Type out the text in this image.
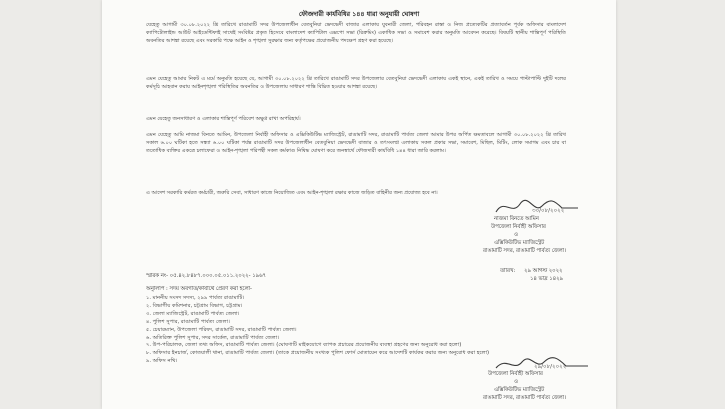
ফৌজদারী কার্যবিধির ১৪৪ ধারা অনুযায়ী ঘোষণা
যেহেতু আগামী ৩০.০৮.২০২২ খ্রি তারিখে রাঙামাটি সদর উপজেলাধীন বেতবুনিয়া ভেদভেদী বাজার এলাকায় যুবনারী জেলা, পরিবহন রাস্তা ও নিজ প্রত্যেকটির প্রত্যাবর্তন পূর্বক অফিসার বাংলাদেশ ক্যাপিটোলাইন্ড আউট আইডেন্টিফাই সাথেই সংবিষ্টর প্রকৃত হিসেবে বাংলাদেশ ক্যাপিটাল এক্সপো সভা (রিক্রমিং) একাধিক সভা ও সমাবেশ করার অনুমতি আবেদন করেছে। বিষয়টি স্থানীয় শান্তিপূর্ণ পরিস্থিতি অবনতির আশঙ্কা রয়েছে এবং সরকারি পক্ষে আইন ও শৃঙ্খলা সুরক্ষার জন্য কর্তৃপক্ষের প্রয়োজনীয় পদক্ষেপ গ্রহণ করা হয়েছে।
এমন যেহেতু আমার নিকট এ মর্মে অনুমতি হয়েছে যে, আগামী ৩০.০৮.২০২২ খ্রি তারিখে রাঙামাটি সদর উপজেলার বেতবুনিয়া ভেদভেদী এলাকায় একই স্থানে, একই তারিখ ও সময়ে পাল্টাপাল্টি দুইটি দলের কর্মসূচি আহবান করায় আইনশৃঙ্খলা পরিস্থিতির অবনতির ও উপজেলায় সাধারণ শান্তি বিঘ্নিত হওয়ার আশঙ্কা রয়েছে।
এমন যেহেতু জনসাধারণ ও এলাকার শান্তিপূর্ণ পরিবেশ অক্ষুণ্ণ রাখা অপরিহার্য।
এমন যেহেতু আমি নাজমা বিনতে আমিন, উপজেলা নির্বাহী অফিসার ও এক্সিকিউটিভ ম্যাজিস্ট্রেট, রাঙামাটি সদর, রাঙামাটি পার্বত্য জেলা আমার উপর অর্পিত ক্ষমতাবলে আগামী ৩০.০৮.২০২২ খ্রি তারিখ সকাল ৬.০০ ঘটিকা হতে সন্ধ্যা ৬.০০ ঘটিকা পর্যন্ত রাঙামাটি সদর উপজেলাধীন বেতবুনিয়া ভেদভেদী বাজার ও তৎসংলগ্ন এলাকায় সকল প্রকার সভা, সমাবেশ, মিছিল, মিটিং, লোক সমাগম এবং চার বা ততোধিক ব্যক্তির একত্রে চলাফেরা ও আইন-শৃঙ্খলা পরিপন্থী সকল কর্মকাণ্ড নিষিদ্ধ ঘোষণা করে জনস্বার্থে ফৌজদারী কার্যবিধি ১৪৪ ধারা জারি করলাম।
এ আদেশ সরকারি কর্মরত কর্মচারী, জরুরি সেবা, সাধারণ কাজে নিয়োজিত এবং আইন-শৃঙ্খলা রক্ষার কাজে জড়িত বাহিনীর জন্য প্রযোজ্য হবে না।
৩০/০৮/২০২২
নাজমা বিনতে আমিন
উপজেলা নির্বাহী অফিসার
ও
এক্সিকিউটিভ ম্যাজিস্ট্রেট
রাঙামাটি সদর, রাঙামাটি পার্বত্য জেলা।
স্মারক নং- ০৫.৪২.৮৪৮৭.০০০.০৫.০১১.২০২২- ১৯৬৭
তারিখ: ২৯ আগস্ট ২০২২
১৪ ভাদ্র ১৪২৯
অনুলিপি : সদয় অবগতি/কার্যার্থে প্রেরণ করা হলো-
১. মাননীয় সংসদ সদস্য, ২৯৯ পার্বত্য রাঙামাটি।
২. বিভাগীয় কমিশনার, চট্টগ্রাম বিভাগ, চট্টগ্রাম।
৩. জেলা ম্যাজিস্ট্রেট, রাঙামাটি পার্বত্য জেলা।
৪. পুলিশ সুপার, রাঙামাটি পার্বত্য জেলা।
৫. চেয়ারম্যান, উপজেলা পরিষদ, রাঙামাটি সদর, রাঙামাটি পার্বত্য জেলা।
৬. অতিরিক্ত পুলিশ সুপার, সদর সার্কেল, রাঙামাটি পার্বত্য জেলা।
৭. উপ-পরিচালক, জেলা তথ্য অফিস, রাঙামাটি পার্বত্য জেলা। (ঘোষণাটি মাইকযোগে ব্যাপক প্রচারের প্রয়োজনীয় ব্যবস্থা গ্রহণের জন্য অনুরোধ করা হলো)
৮. অফিসার ইনচার্জ, কোতয়ালী থানা, রাঙামাটি পার্বত্য জেলা। (তাকে প্রয়োজনীয় সংখ্যক পুলিশ ফোর্স মোতায়েন করে আদেশটি কার্যকর করার জন্য অনুরোধ করা হলো)
৯. অফিস নথি।
২৯/০৮/২০২২
উপজেলা নির্বাহী অফিসার
ও
এক্সিকিউটিভ ম্যাজিস্ট্রেট
রাঙামাটি সদর, রাঙামাটি পার্বত্য জেলা।
